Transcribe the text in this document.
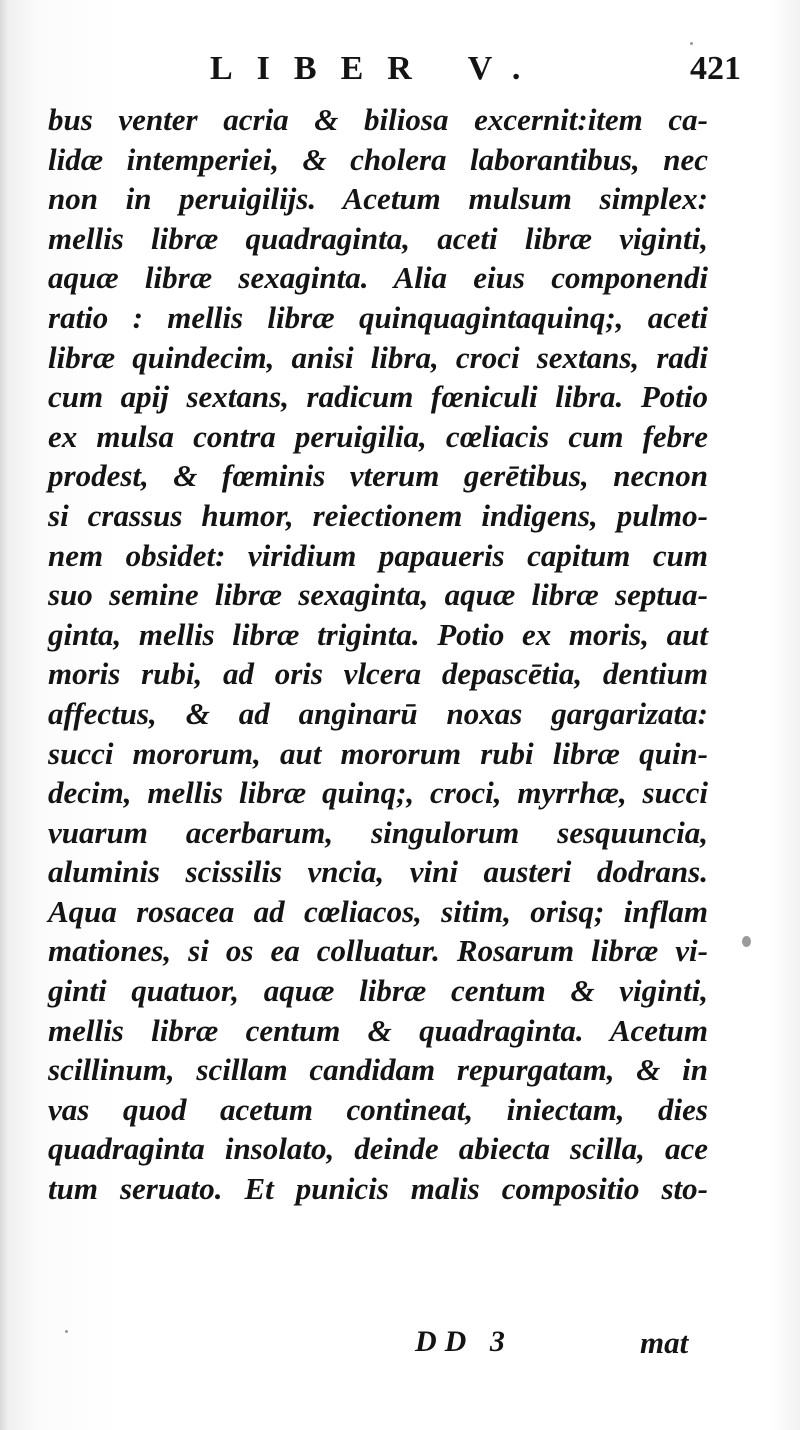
LIBER V.	421
bus venter acria & biliosa excernit:item ca-
lidæ intemperiei, & cholera laborantibus, nec
non in peruigilijs. Acetum mulsum simplex:
mellis libræ quadraginta, aceti libræ viginti,
aquæ libræ sexaginta. Alia eius componendi
ratio : mellis libræ quinquagintaquinq;, aceti
libræ quindecim, anisi libra, croci sextans, radi
cum apij sextans, radicum fœniculi libra. Potio
ex mulsa contra peruigilia, cœliacis cum febre
prodest, & fœminis vterum gerētibus, necnon
si crassus humor, reiectionem indigens, pulmo-
nem obsidet: viridium papaueris capitum cum
suo semine libræ sexaginta, aquæ libræ septua-
ginta, mellis libræ triginta. Potio ex moris, aut
moris rubi, ad oris vlcera depascētia, dentium
affectus, & ad anginarū noxas gargarizata:
succi mororum, aut mororum rubi libræ quin-
decim, mellis libræ quinq;, croci, myrrhæ, succi
vuarum acerbarum, singulorum sesquuncia,
aluminis scissilis vncia, vini austeri dodrans.
Aqua rosacea ad cœliacos, sitim, orisq; inflam
mationes, si os ea colluatur. Rosarum libræ vi-
ginti quatuor, aquæ libræ centum & viginti,
mellis libræ centum & quadraginta. Acetum
scillinum, scillam candidam repurgatam, & in
vas quod acetum contineat, iniectam, dies
quadraginta insolato, deinde abiecta scilla, ace
tum seruato. Et punicis malis compositio sto-
DD 3	mat
